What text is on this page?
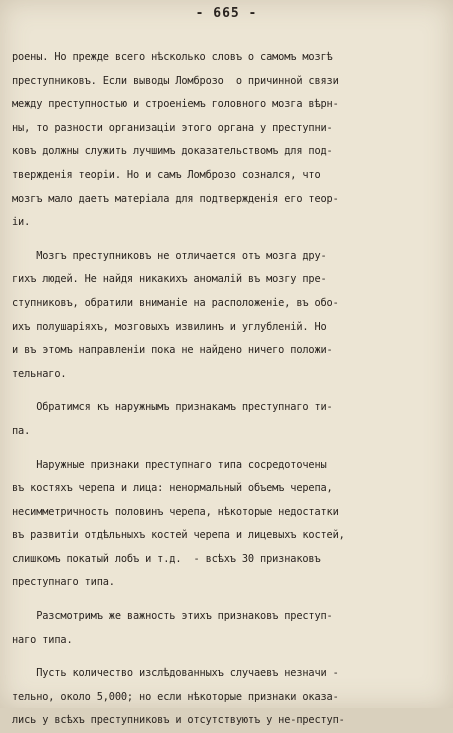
- 665 -
роены. Но прежде всего нѣсколько словъ о самомъ мозгѣ
преступниковъ. Если выводы Ломброзо  о причинной связи
между преступностью и строеніемъ головного мозга вѣрн-
ны, то разности организаціи этого органа у преступни-
ковъ должны служить лучшимъ доказательствомъ для под-
твержденія теоріи. Но и самъ Ломброзо сознался, что
мозгъ мало даетъ матеріала для подтвержденія его теор-
іи.
Мозгъ преступниковъ не отличается отъ мозга дру-
гихъ людей. Не найдя никакихъ аномалій въ мозгу пре-
ступниковъ, обратили вниманіе на расположеніе, въ обо-
ихъ полушаріяхъ, мозговыхъ извилинъ и углубленій. Но
и въ этомъ направленіи пока не найдено ничего положи-
тельнаго.
Обратимся къ наружнымъ признакамъ преступнаго ти-
па.
Наружные признаки преступнаго типа сосредоточены
въ костяхъ черепа и лица: ненормальный объемъ черепа,
несимметричность половинъ черепа, нѣкоторые недостатки
въ развитіи отдѣльныхъ костей черепа и лицевыхъ костей,
слишкомъ покатый лобъ и т.д.  - всѣхъ 30 признаковъ
преступнаго типа.
Разсмотримъ же важность этихъ признаковъ преступ-
наго типа.
Пусть количество изслѣдованныхъ случаевъ незначи -
тельно, около 5,000; но если нѣкоторые признаки оказа-
лись у всѣхъ преступниковъ и отсутствуютъ у не-преступ-
